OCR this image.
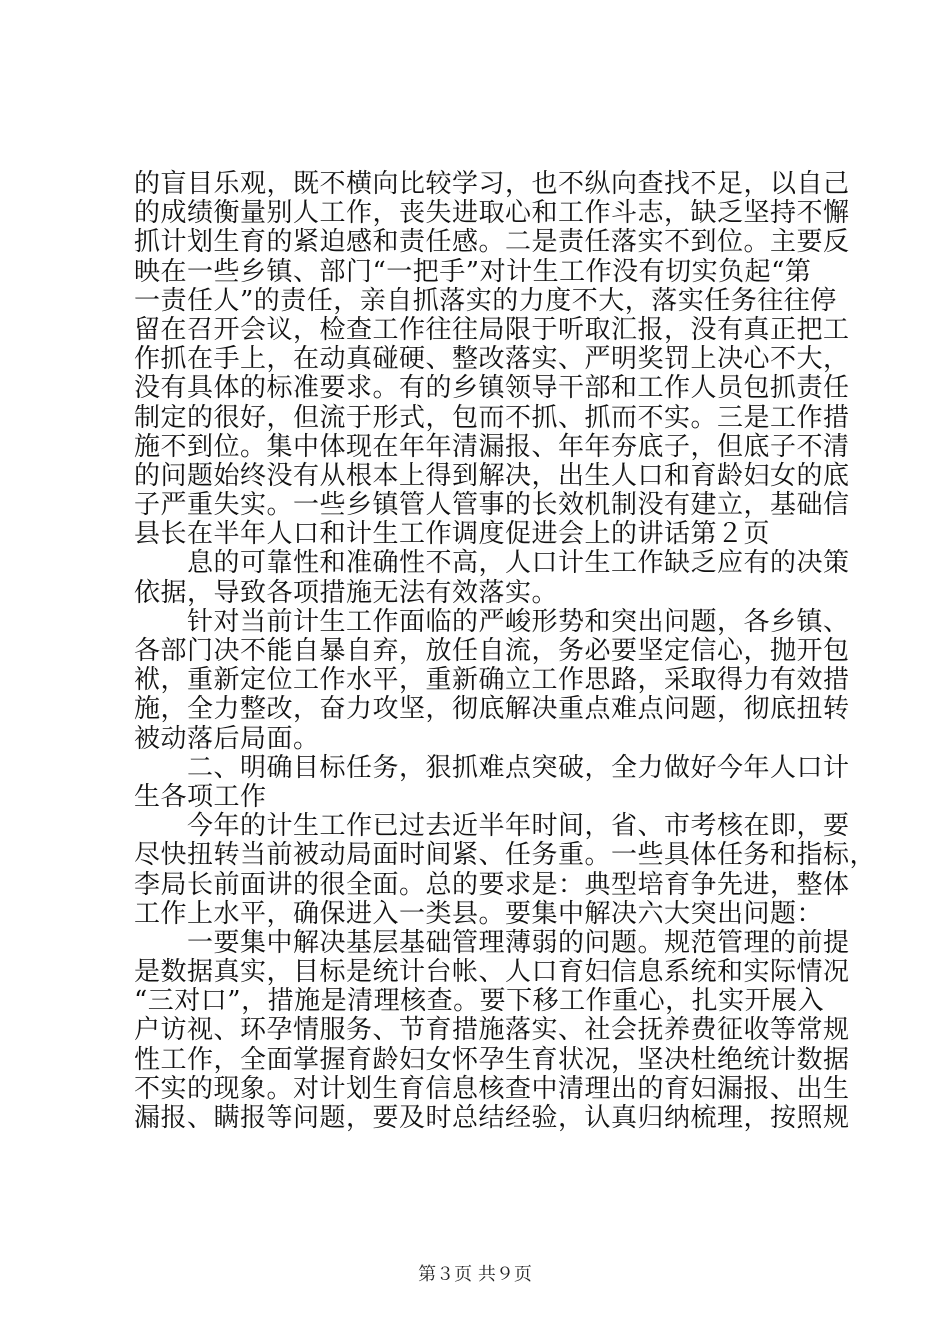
的盲目乐观，既不横向比较学习，也不纵向查找不足，以自己
的成绩衡量别人工作，丧失进取心和工作斗志，缺乏坚持不懈
抓计划生育的紧迫感和责任感。二是责任落实不到位。主要反
映在一些乡镇、部门“一把手”对计生工作没有切实负起“第
一责任人”的责任，亲自抓落实的力度不大，落实任务往往停
留在召开会议，检查工作往往局限于听取汇报，没有真正把工
作抓在手上，在动真碰硬、整改落实、严明奖罚上决心不大，
没有具体的标准要求。有的乡镇领导干部和工作人员包抓责任
制定的很好，但流于形式，包而不抓、抓而不实。三是工作措
施不到位。集中体现在年年清漏报、年年夯底子，但底子不清
的问题始终没有从根本上得到解决，出生人口和育龄妇女的底
子严重失实。一些乡镇管人管事的长效机制没有建立，基础信
县长在半年人口和计生工作调度促进会上的讲话第２页
　　息的可靠性和准确性不高，人口计生工作缺乏应有的决策
依据，导致各项措施无法有效落实。
　　针对当前计生工作面临的严峻形势和突出问题，各乡镇、
各部门决不能自暴自弃，放任自流，务必要坚定信心，抛开包
袱，重新定位工作水平，重新确立工作思路，采取得力有效措
施，全力整改，奋力攻坚，彻底解决重点难点问题，彻底扭转
被动落后局面。
　　二、明确目标任务，狠抓难点突破，全力做好今年人口计
生各项工作
　　今年的计生工作已过去近半年时间，省、市考核在即，要
尽快扭转当前被动局面时间紧、任务重。一些具体任务和指标，
李局长前面讲的很全面。总的要求是：典型培育争先进，整体
工作上水平，确保进入一类县。要集中解决六大突出问题：
　　一要集中解决基层基础管理薄弱的问题。规范管理的前提
是数据真实，目标是统计台帐、人口育妇信息系统和实际情况
“三对口”，措施是清理核查。要下移工作重心，扎实开展入
户访视、环孕情服务、节育措施落实、社会抚养费征收等常规
性工作，全面掌握育龄妇女怀孕生育状况，坚决杜绝统计数据
不实的现象。对计划生育信息核查中清理出的育妇漏报、出生
漏报、瞒报等问题，要及时总结经验，认真归纳梳理，按照规
第３页 共９页
